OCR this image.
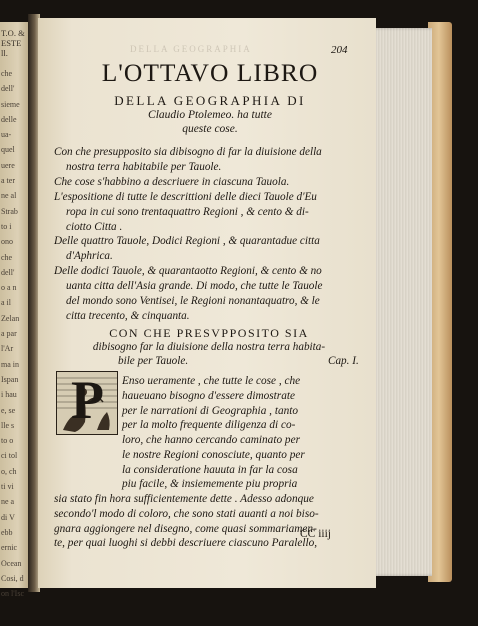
T.O. &
ESTE
ll.
che
dell'
sieme
delle
ua-
quel
uere
a ter
ne al
Strab
to i
ono
che
dell'
o a n
a il
Zelan
a par
l'Ar
ma in
Ispan
i hau
e, se
lle s
to o
ci tol
o, ch
ti vi
ne a
di V
ebb
ernic
Ocean
Cosi, d
on l'Isc
DELLA GEOGRAPHIA	204
L'OTTAVO LIBRO
DELLA GEOGRAPHIA DI
Claudio Ptolemeo. ha tutte
queste cose.
Con che presupposito sia dibisogno di far la diuisione della
nostra terra habitabile per Tauole.
Che cose s'habbino a descriuere in ciascuna Tauola.
L'espositione di tutte le descrittioni delle dieci Tauole d'Eu
ropa in cui sono trentaquattro Regioni , & cento & di-
ciotto Citta .
Delle quattro Tauole, Dodici Regioni , & quarantadue citta
d'Aphrica.
Delle dodici Tauole, & quarantaotto Regioni, & cento & no
uanta citta dell'Asia grande. Di modo, che tutte le Tauole
del mondo sono Ventisei, le Regioni nonantaquatro, & le
citta trecento, & cinquanta.
CON CHE PRESVPPOSITO SIA
dibisogno far la diuisione della nostra terra habita-
bile per Tauole.	Cap. I.
Enso ueramente , che tutte le cose , che
haueuano bisogno d'essere dimostrate
per le narrationi di Geographia , tanto
per la molto frequente diligenza di co-
loro, che hanno cercando caminato per
le nostre Regioni conosciute, quanto per
la consideratione hauuta in far la cosa
piu facile, & insiememente piu propria
sia stato fin hora sufficientemente dette . Adesso adonque
secondo'l modo di coloro, che sono stati auanti a noi biso-
gnara aggiongere nel disegno, come quasi sommariamen-
te, per quai luoghi si debbi descriuere ciascuno Paralello,
P
CC iiij
